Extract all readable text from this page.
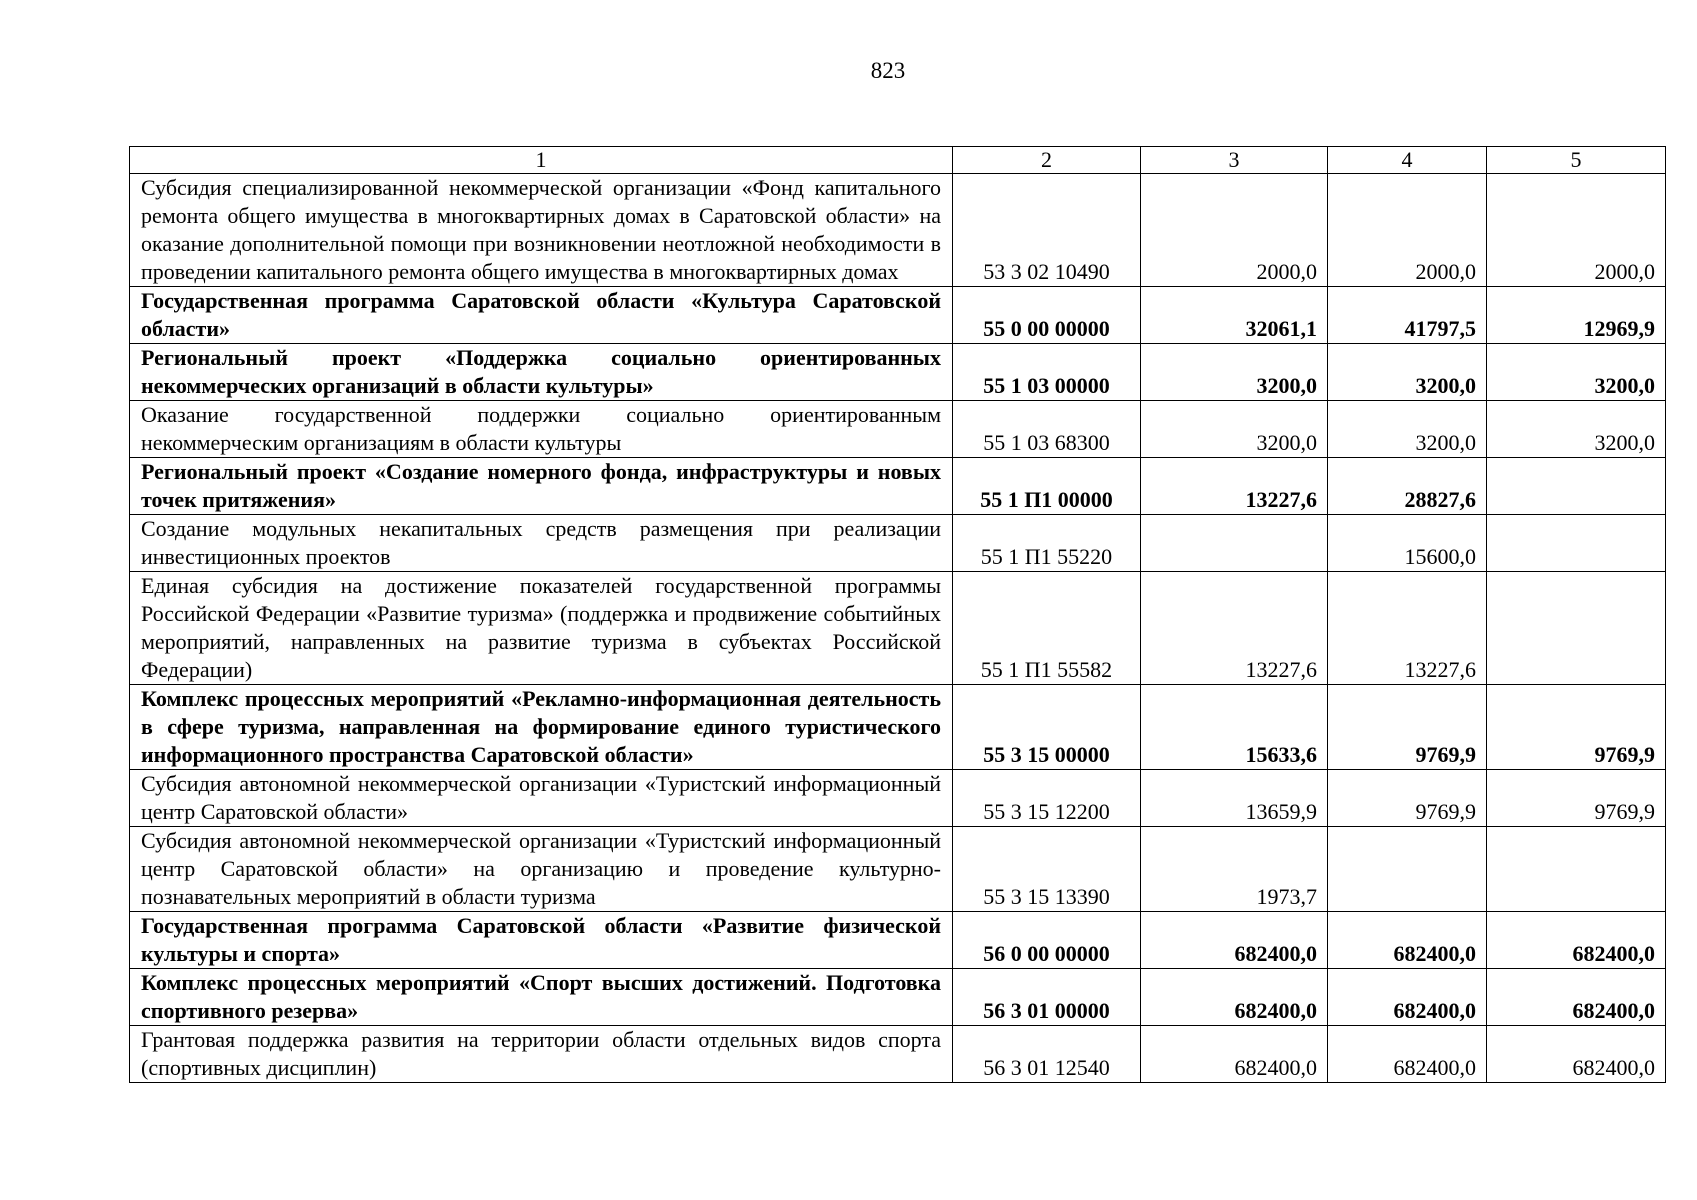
823
1	2	3	4	5
Субсидия специализированной некоммерческой организации «Фонд капитального ремонта общего имущества в многоквартирных домах в Саратовской области» на оказание дополнительной помощи при возникновении неотложной необходимости в проведении капитального ремонта общего имущества в многоквартирных домах	53 3 02 10490	2000,0	2000,0	2000,0
Государственная программа Саратовской области «Культура Саратовской области»	55 0 00 00000	32061,1	41797,5	12969,9
Региональный проект «Поддержка социально ориентированных некоммерческих организаций в области культуры»	55 1 03 00000	3200,0	3200,0	3200,0
Оказание государственной поддержки социально ориентированным некоммерческим организациям в области культуры	55 1 03 68300	3200,0	3200,0	3200,0
Региональный проект «Создание номерного фонда, инфраструктуры и новых точек притяжения»	55 1 П1 00000	13227,6	28827,6	
Создание модульных некапитальных средств размещения при реализации инвестиционных проектов	55 1 П1 55220		15600,0	
Единая субсидия на достижение показателей государственной программы Российской Федерации «Развитие туризма» (поддержка и продвижение событийных мероприятий, направленных на развитие туризма в субъектах Российской Федерации)	55 1 П1 55582	13227,6	13227,6	
Комплекс процессных мероприятий «Рекламно-информационная деятельность в сфере туризма, направленная на формирование единого туристического информационного пространства Саратовской области»	55 3 15 00000	15633,6	9769,9	9769,9
Субсидия автономной некоммерческой организации «Туристский информационный центр Саратовской области»	55 3 15 12200	13659,9	9769,9	9769,9
Субсидия автономной некоммерческой организации «Туристский информационный центр Саратовской области» на организацию и проведение культурно-познавательных мероприятий в области туризма	55 3 15 13390	1973,7		
Государственная программа Саратовской области «Развитие физической культуры и спорта»	56 0 00 00000	682400,0	682400,0	682400,0
Комплекс процессных мероприятий «Спорт высших достижений. Подготовка спортивного резерва»	56 3 01 00000	682400,0	682400,0	682400,0
Грантовая поддержка развития на территории области отдельных видов спорта (спортивных дисциплин)	56 3 01 12540	682400,0	682400,0	682400,0
